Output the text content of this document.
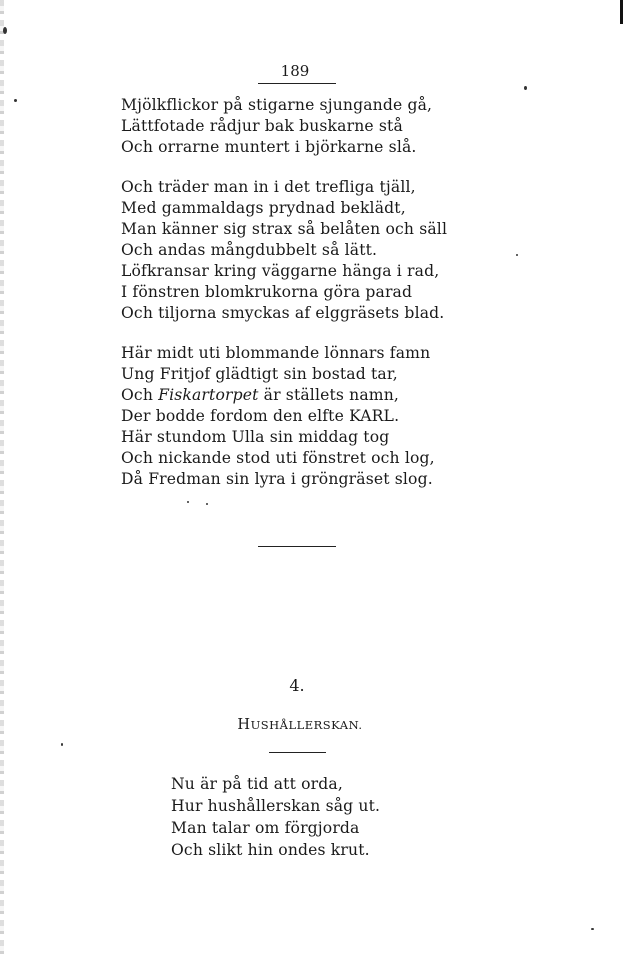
189
Mjölkflickor på stigarne sjungande gå,
Lättfotade rådjur bak buskarne stå
Och orrarne muntert i björkarne slå.
Och träder man in i det trefliga tjäll,
Med gammaldags prydnad beklädt,
Man känner sig strax så belåten och säll
Och andas mångdubbelt så lätt.
Löfkransar kring väggarne hänga i rad,
I fönstren blomkrukorna göra parad
Och tiljorna smyckas af elggräsets blad.
Här midt uti blommande lönnars famn
Ung Fritjof glädtigt sin bostad tar,
Och Fiskartorpet är ställets namn,
Der bodde fordom den elfte KARL.
Här stundom Ulla sin middag tog
Och nickande stod uti fönstret och log,
Då Fredman sin lyra i gröngräset slog.
4.
HUSHÅLLERSKAN.
Nu är på tid att orda,
Hur hushållerskan såg ut.
Man talar om förgjorda
Och slikt hin ondes krut.
